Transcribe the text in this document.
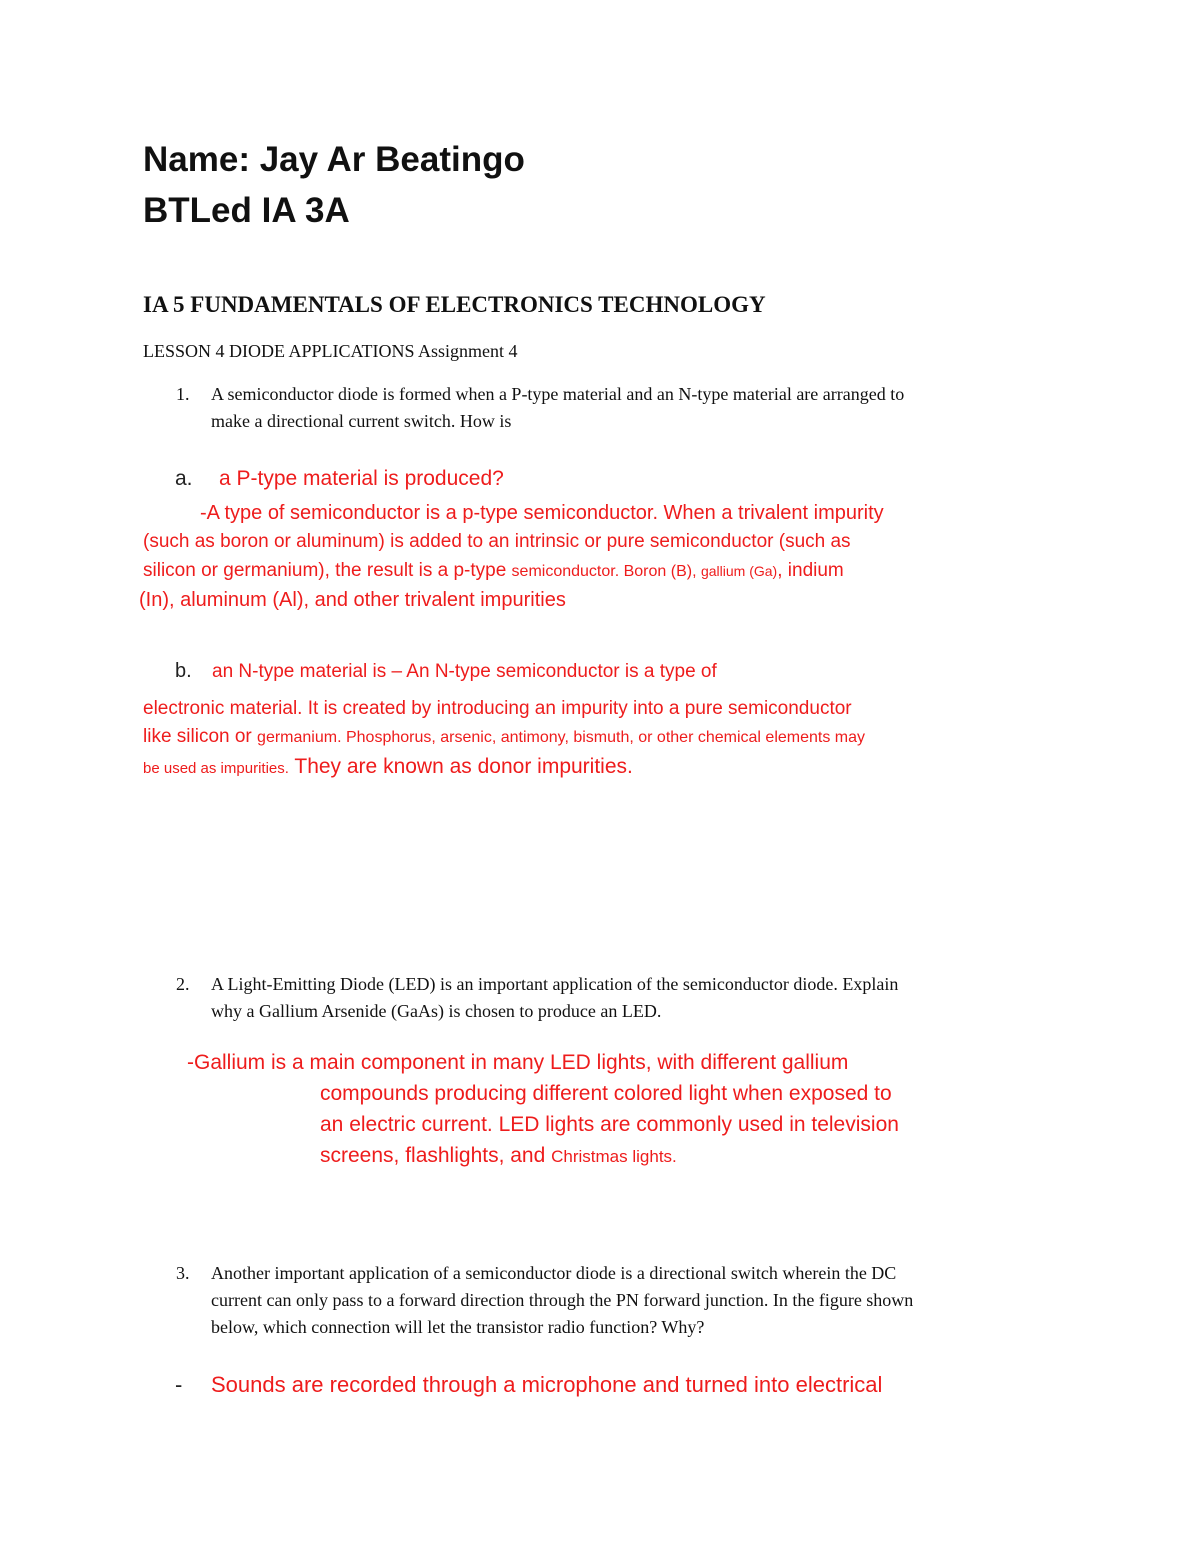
Name: Jay Ar Beatingo
BTLed IA 3A
IA 5 FUNDAMENTALS OF ELECTRONICS TECHNOLOGY
LESSON 4 DIODE APPLICATIONS Assignment 4
1. A semiconductor diode is formed when a P-type material and an N-type material are arranged to
make a directional current switch. How is
a. a P-type material is produced?
-A type of semiconductor is a p-type semiconductor. When a trivalent impurity
(such as boron or aluminum) is added to an intrinsic or pure semiconductor (such as
silicon or germanium), the result is a p-type semiconductor. Boron (B), gallium (Ga), indium
(In), aluminum (Al), and other trivalent impurities
b. an N-type material is – An N-type semiconductor is a type of
electronic material. It is created by introducing an impurity into a pure semiconductor
like silicon or germanium. Phosphorus, arsenic, antimony, bismuth, or other chemical elements may
be used as impurities. They are known as donor impurities.
2. A Light-Emitting Diode (LED) is an important application of the semiconductor diode. Explain
why a Gallium Arsenide (GaAs) is chosen to produce an LED.
-Gallium is a main component in many LED lights, with different gallium
compounds producing different colored light when exposed to
an electric current. LED lights are commonly used in television
screens, flashlights, and Christmas lights.
3. Another important application of a semiconductor diode is a directional switch wherein the DC
current can only pass to a forward direction through the PN forward junction. In the figure shown
below, which connection will let the transistor radio function? Why?
- Sounds are recorded through a microphone and turned into electrical
